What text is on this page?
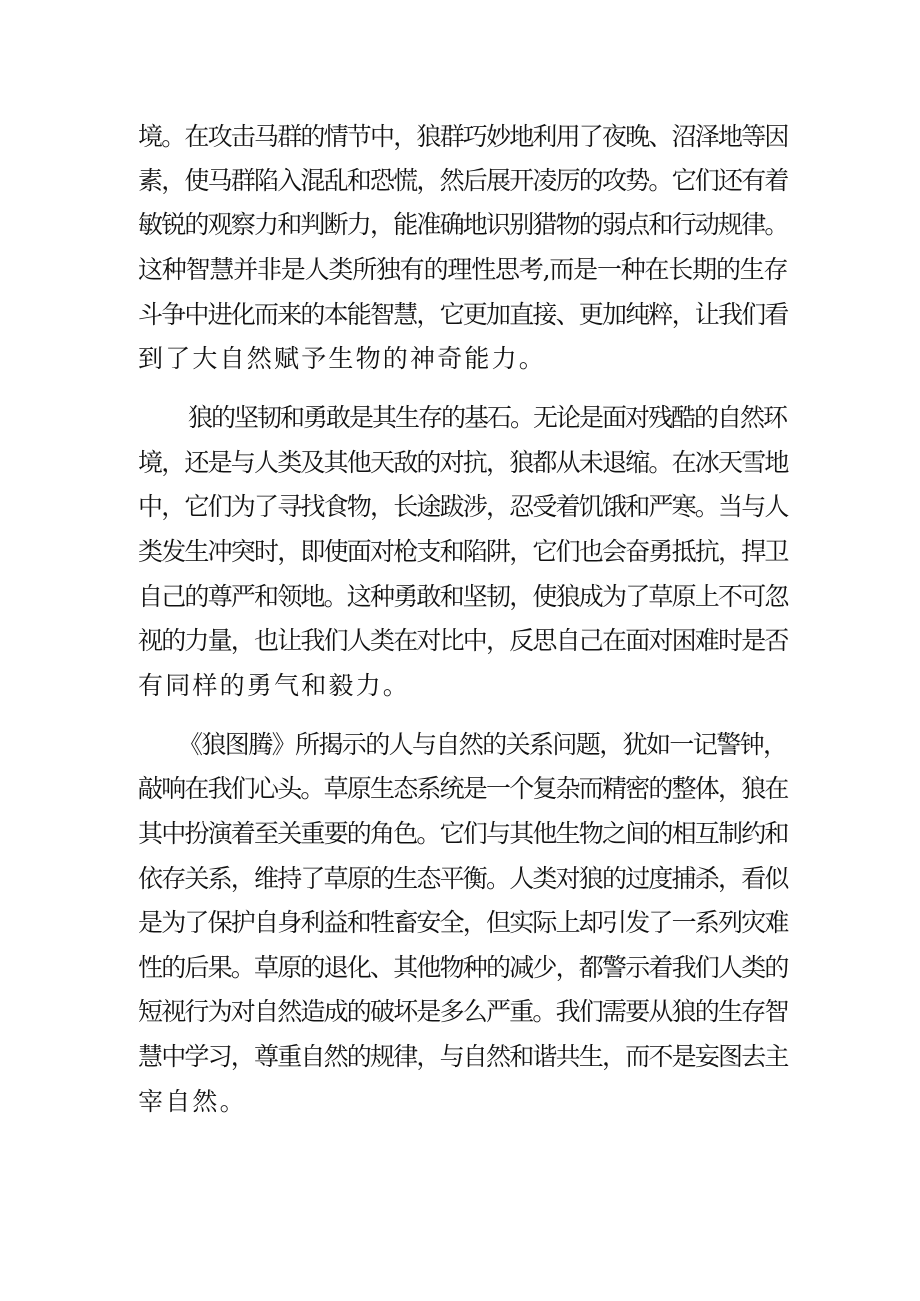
境。在攻击马群的情节中，狼群巧妙地利用了夜晚、沼泽地等因
素，使马群陷入混乱和恐慌，然后展开凌厉的攻势。它们还有着
敏锐的观察力和判断力，能准确地识别猎物的弱点和行动规律。
这种智慧并非是人类所独有的理性思考,而是一种在长期的生存
斗争中进化而来的本能智慧，它更加直接、更加纯粹，让我们看
到了大自然赋予生物的神奇能力。
狼的坚韧和勇敢是其生存的基石。无论是面对残酷的自然环
境，还是与人类及其他天敌的对抗，狼都从未退缩。在冰天雪地
中，它们为了寻找食物，长途跋涉，忍受着饥饿和严寒。当与人
类发生冲突时，即使面对枪支和陷阱，它们也会奋勇抵抗，捍卫
自己的尊严和领地。这种勇敢和坚韧，使狼成为了草原上不可忽
视的力量，也让我们人类在对比中，反思自己在面对困难时是否
有同样的勇气和毅力。
《狼图腾》所揭示的人与自然的关系问题，犹如一记警钟，
敲响在我们心头。草原生态系统是一个复杂而精密的整体，狼在
其中扮演着至关重要的角色。它们与其他生物之间的相互制约和
依存关系，维持了草原的生态平衡。人类对狼的过度捕杀，看似
是为了保护自身利益和牲畜安全，但实际上却引发了一系列灾难
性的后果。草原的退化、其他物种的减少，都警示着我们人类的
短视行为对自然造成的破坏是多么严重。我们需要从狼的生存智
慧中学习，尊重自然的规律，与自然和谐共生，而不是妄图去主
宰自然。
